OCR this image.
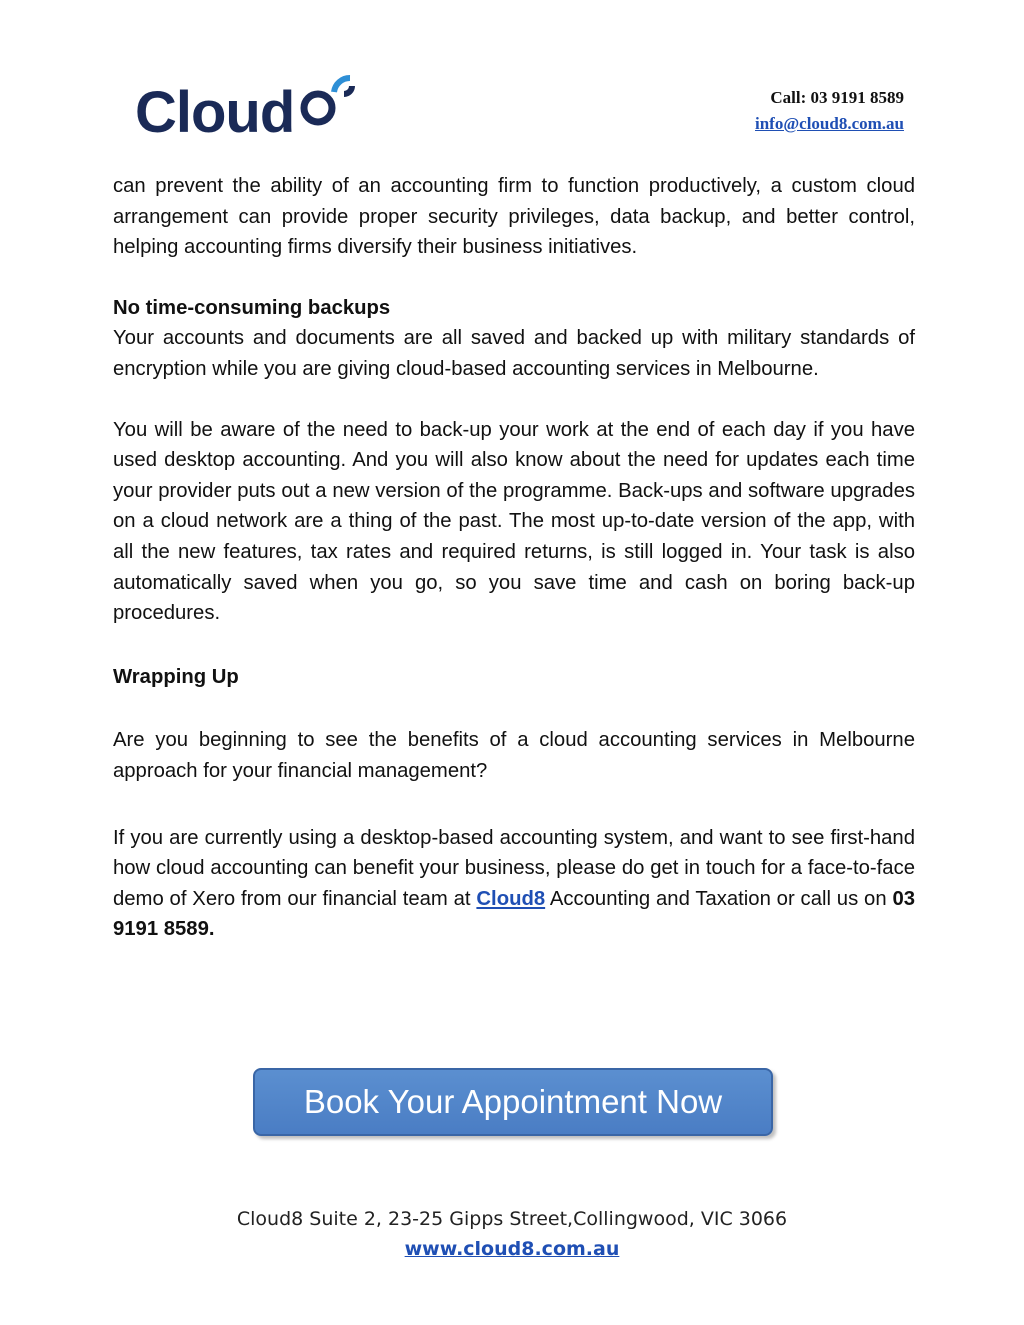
Cloud	Call: 03 9191 8589
info@cloud8.com.au

can prevent the ability of an accounting firm to function productively, a custom cloud arrangement can provide proper security privileges, data backup, and better control, helping accounting firms diversify their business initiatives.

No time-consuming backups

Your accounts and documents are all saved and backed up with military standards of encryption while you are giving cloud-based accounting services in Melbourne.

You will be aware of the need to back-up your work at the end of each day if you have used desktop accounting. And you will also know about the need for updates each time your provider puts out a new version of the programme. Back-ups and software upgrades on a cloud network are a thing of the past. The most up-to-date version of the app, with all the new features, tax rates and required returns, is still logged in. Your task is also automatically saved when you go, so you save time and cash on boring back-up procedures.

Wrapping Up

Are you beginning to see the benefits of a cloud accounting services in Melbourne approach for your financial management?

If you are currently using a desktop-based accounting system, and want to see first-hand how cloud accounting can benefit your business, please do get in touch for a face-to-face demo of Xero from our financial team at Cloud8 Accounting and Taxation or call us on 03 9191 8589.

Book Your Appointment Now
Cloud8 Suite 2, 23-25 Gipps Street,Collingwood, VIC 3066
www.cloud8.com.au
